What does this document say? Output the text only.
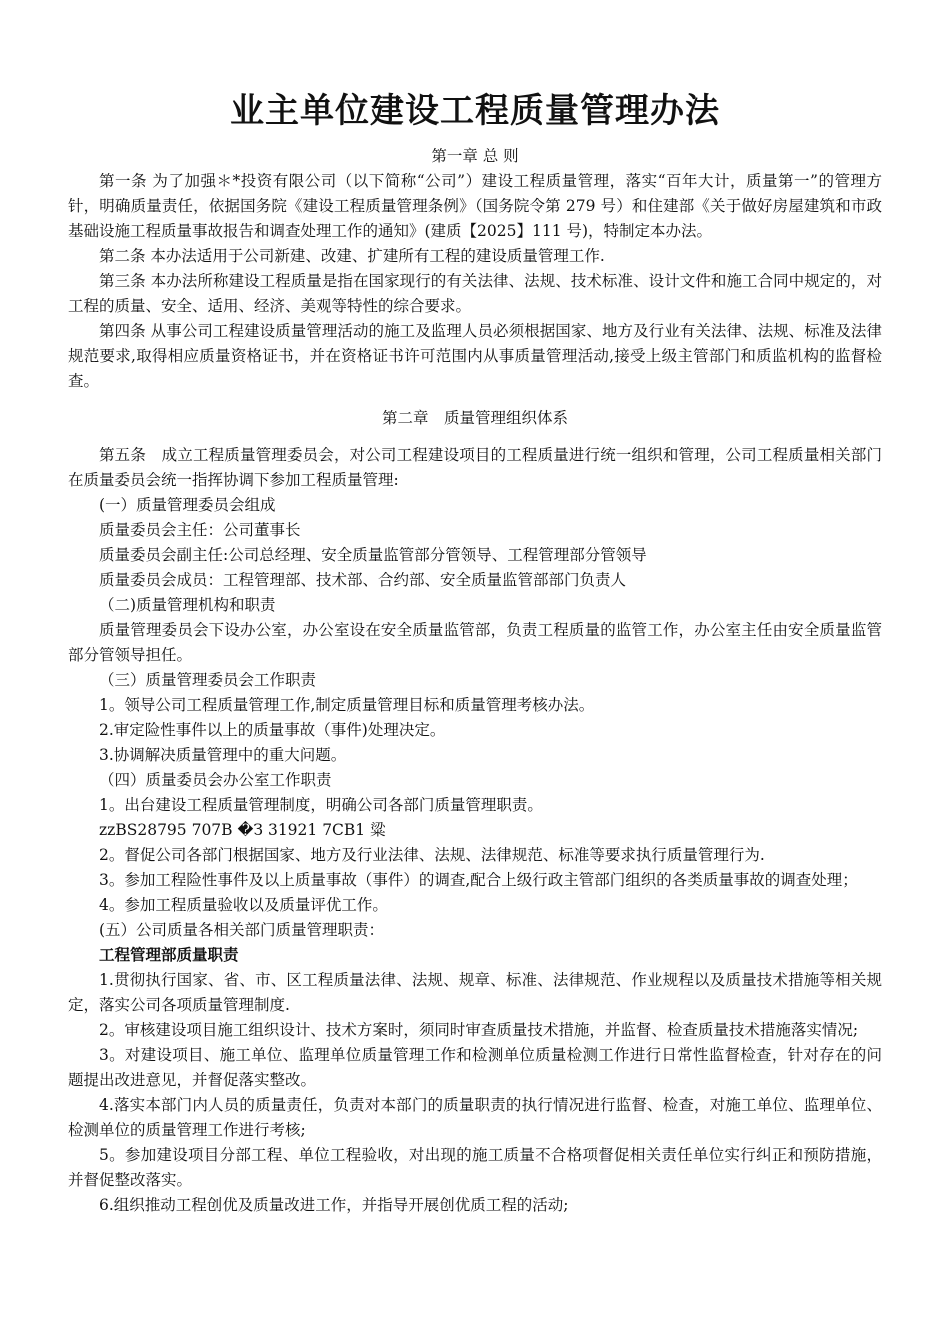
业主单位建设工程质量管理办法
第一章 总 则

第一条 为了加强＊*投资有限公司（以下简称“公司”）建设工程质量管理，落实“百年大计，质量第一”的管理方针，明确质量责任，依据国务院《建设工程质量管理条例》（国务院令第 279 号）和住建部《关于做好房屋建筑和市政基础设施工程质量事故报告和调查处理工作的通知》(建质【2025】111 号)，特制定本办法。

第二条 本办法适用于公司新建、改建、扩建所有工程的建设质量管理工作.

第三条 本办法所称建设工程质量是指在国家现行的有关法律、法规、技术标准、设计文件和施工合同中规定的，对工程的质量、安全、适用、经济、美观等特性的综合要求。

第四条 从事公司工程建设质量管理活动的施工及监理人员必须根据国家、地方及行业有关法律、法规、标准及法律规范要求,取得相应质量资格证书，并在资格证书许可范围内从事质量管理活动,接受上级主管部门和质监机构的监督检查。

第二章　质量管理组织体系

第五条　成立工程质量管理委员会，对公司工程建设项目的工程质量进行统一组织和管理，公司工程质量相关部门在质量委员会统一指挥协调下参加工程质量管理:

(一）质量管理委员会组成

质量委员会主任：公司董事长

质量委员会副主任:公司总经理、安全质量监管部分管领导、工程管理部分管领导

质量委员会成员：工程管理部、技术部、合约部、安全质量监管部部门负责人

（二)质量管理机构和职责

质量管理委员会下设办公室，办公室设在安全质量监管部，负责工程质量的监管工作，办公室主任由安全质量监管部分管领导担任。

（三）质量管理委员会工作职责

1。领导公司工程质量管理工作,制定质量管理目标和质量管理考核办法。

2.审定险性事件以上的质量事故（事件)处理决定。

3.协调解决质量管理中的重大问题。

（四）质量委员会办公室工作职责

1。出台建设工程质量管理制度，明确公司各部门质量管理职责。

zzBS28795 707B �З 31921 7CB1 粱

2。督促公司各部门根据国家、地方及行业法律、法规、法律规范、标准等要求执行质量管理行为.

3。参加工程险性事件及以上质量事故（事件）的调查,配合上级行政主管部门组织的各类质量事故的调查处理；

4。参加工程质量验收以及质量评优工作。

(五）公司质量各相关部门质量管理职责：

工程管理部质量职责

1.贯彻执行国家、省、市、区工程质量法律、法规、规章、标准、法律规范、作业规程以及质量技术措施等相关规定，落实公司各项质量管理制度.

2。审核建设项目施工组织设计、技术方案时，须同时审查质量技术措施，并监督、检查质量技术措施落实情况;

3。对建设项目、施工单位、监理单位质量管理工作和检测单位质量检测工作进行日常性监督检查，针对存在的问题提出改进意见，并督促落实整改。

4.落实本部门内人员的质量责任，负责对本部门的质量职责的执行情况进行监督、检查，对施工单位、监理单位、检测单位的质量管理工作进行考核;

5。参加建设项目分部工程、单位工程验收，对出现的施工质量不合格项督促相关责任单位实行纠正和预防措施，并督促整改落实。

6.组织推动工程创优及质量改进工作，并指导开展创优质工程的活动;
